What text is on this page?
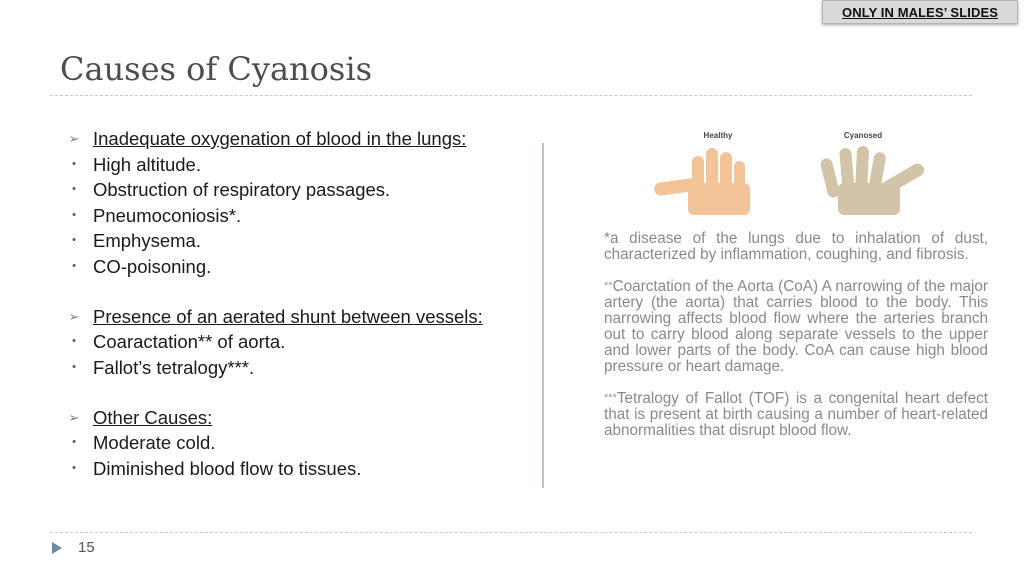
ONLY IN MALES’ SLIDES
Causes of Cyanosis
➢ Inadequate oxygenation of blood in the lungs:
• High altitude.
• Obstruction of respiratory passages.
• Pneumoconiosis*.
• Emphysema.
• CO-poisoning.
➢ Presence of an aerated shunt between vessels:
• Coaractation** of aorta.
• Fallot’s tetralogy***.
➢ Other Causes:
• Moderate cold.
• Diminished blood flow to tissues.
Healthy	Cyanosed

*a disease of the lungs due to inhalation of dust, characterized by inflammation, coughing, and fibrosis.

**Coarctation of the Aorta (CoA) A narrowing of the major artery (the aorta) that carries blood to the body. This narrowing affects blood flow where the arteries branch out to carry blood along separate vessels to the upper and lower parts of the body. CoA can cause high blood pressure or heart damage.

***Tetralogy of Fallot (TOF) is a congenital heart defect that is present at birth causing a number of heart-related abnormalities that disrupt blood flow.

15
